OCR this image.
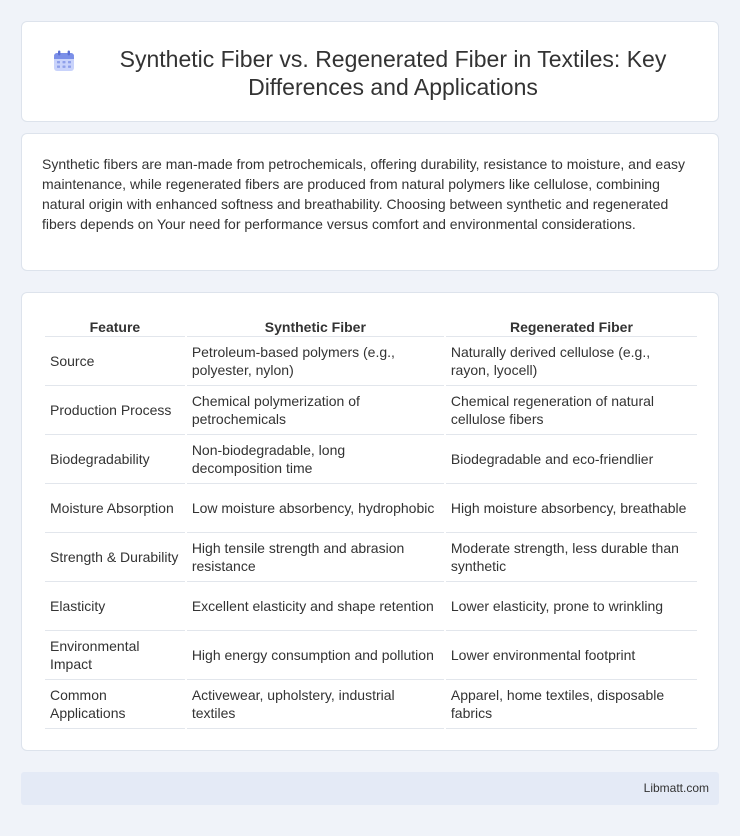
Synthetic Fiber vs. Regenerated Fiber in Textiles: Key Differences and Applications

Synthetic fibers are man-made from petrochemicals, offering durability, resistance to moisture, and easy maintenance, while regenerated fibers are produced from natural polymers like cellulose, combining natural origin with enhanced softness and breathability. Choosing between synthetic and regenerated fibers depends on Your need for performance versus comfort and environmental considerations.

Feature	Synthetic Fiber	Regenerated Fiber
Source	Petroleum-based polymers (e.g., polyester, nylon)	Naturally derived cellulose (e.g., rayon, lyocell)
Production Process	Chemical polymerization of petrochemicals	Chemical regeneration of natural cellulose fibers
Biodegradability	Non-biodegradable, long decomposition time	Biodegradable and eco-friendlier
Moisture Absorption	Low moisture absorbency, hydrophobic	High moisture absorbency, breathable
Strength & Durability	High tensile strength and abrasion resistance	Moderate strength, less durable than synthetic
Elasticity	Excellent elasticity and shape retention	Lower elasticity, prone to wrinkling
Environmental Impact	High energy consumption and pollution	Lower environmental footprint
Common Applications	Activewear, upholstery, industrial textiles	Apparel, home textiles, disposable fabrics
Libmatt.com
